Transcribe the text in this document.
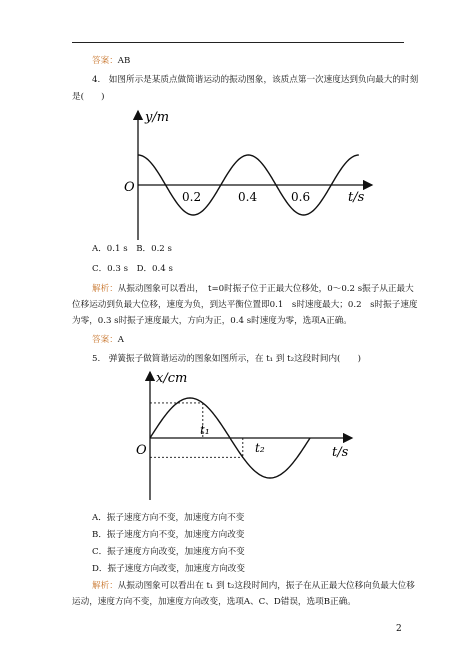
答案：AB
4.　如图所示是某质点做简谐运动的振动图象，该质点第一次速度达到负向最大的时刻
是(　　)
y/m
t/s
O
0.2	0.4	0.6
A．0.1 s　B．0.2 s
C．0.3 s　D．0.4 s
解析：从振动图象可以看出，　t=0时振子位于正最大位移处，0～0.2 s振子从正最大
位移运动到负最大位移，速度为负，到达平衡位置即0.1　s时速度最大；0.2　s时振子速度
为零，0.3 s时振子速度最大，方向为正，0.4 s时速度为零，选项A正确。
答案：A
5.　弹簧振子做简谐运动的图象如图所示，在 t₁ 到 t₂这段时间内(　　)
x/cm
t/s
O
t₁
t₂
A．振子速度方向不变，加速度方向不变
B．振子速度方向不变，加速度方向改变
C．振子速度方向改变，加速度方向不变
D．振子速度方向改变，加速度方向改变
解析：从振动图象可以看出在 t₁ 到 t₂这段时间内，振子在从正最大位移向负最大位移
运动，速度方向不变，加速度方向改变，选项A、C、D错误，选项B正确。
2
